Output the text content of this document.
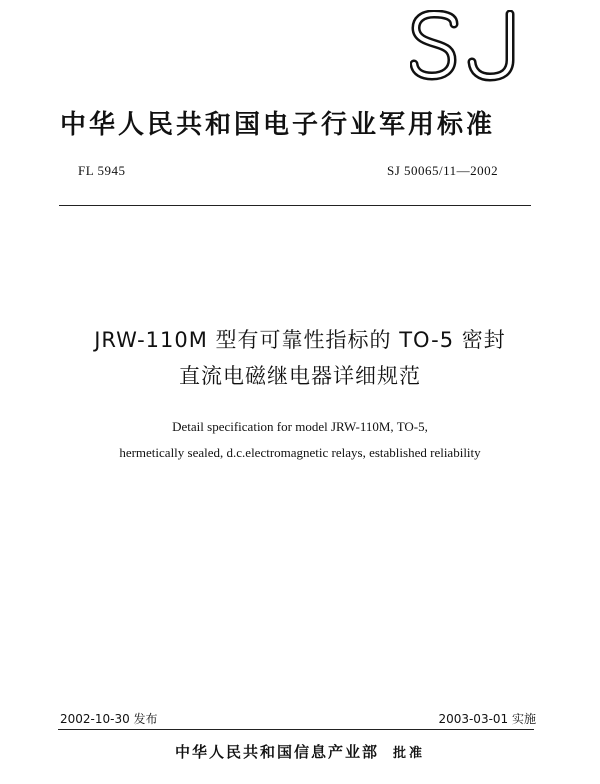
中华人民共和国电子行业军用标准
FL 5945	SJ 50065/11—2002
JRW-110M 型有可靠性指标的 TO-5 密封
直流电磁继电器详细规范
Detail specification for model JRW-110M, TO-5,
hermetically sealed, d.c.electromagnetic relays, established reliability
2002-10-30 发布	2003-03-01 实施
中华人民共和国信息产业部 批准
